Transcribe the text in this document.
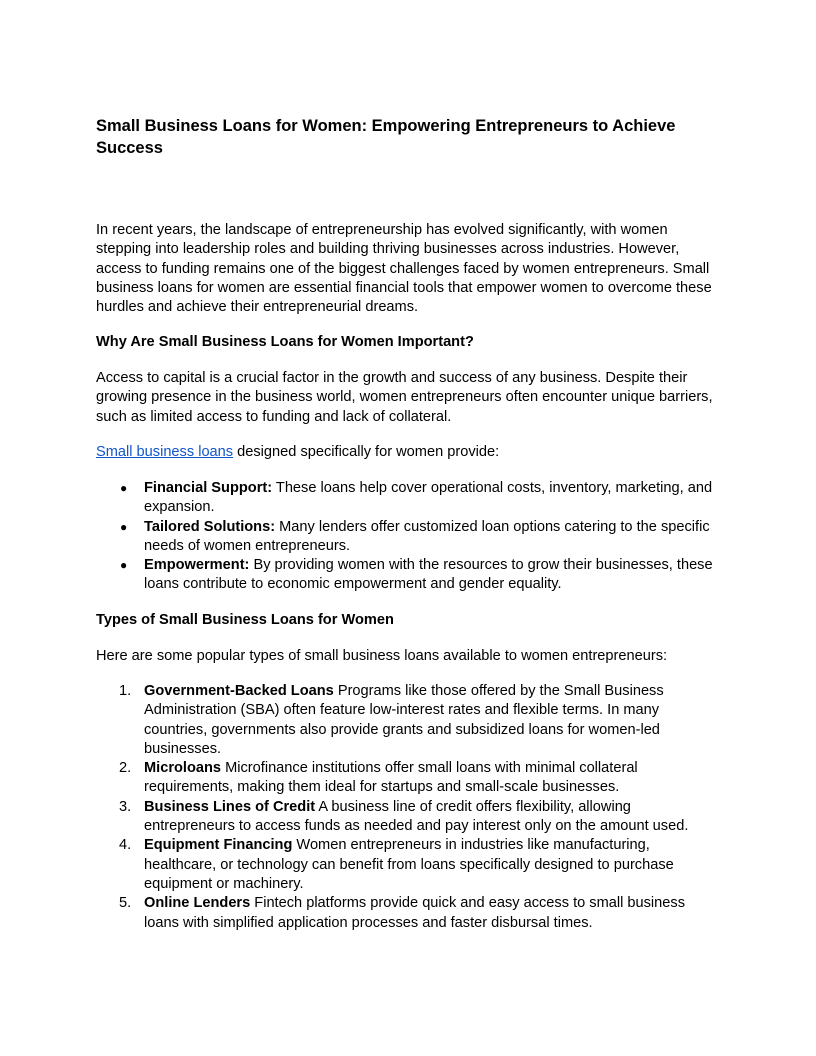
Small Business Loans for Women: Empowering Entrepreneurs to Achieve Success

In recent years, the landscape of entrepreneurship has evolved significantly, with women stepping into leadership roles and building thriving businesses across industries. However, access to funding remains one of the biggest challenges faced by women entrepreneurs. Small business loans for women are essential financial tools that empower women to overcome these hurdles and achieve their entrepreneurial dreams.

Why Are Small Business Loans for Women Important?

Access to capital is a crucial factor in the growth and success of any business. Despite their growing presence in the business world, women entrepreneurs often encounter unique barriers, such as limited access to funding and lack of collateral.

Small business loans designed specifically for women provide:

●	Financial Support: These loans help cover operational costs, inventory, marketing, and expansion.
●	Tailored Solutions: Many lenders offer customized loan options catering to the specific needs of women entrepreneurs.
●	Empowerment: By providing women with the resources to grow their businesses, these loans contribute to economic empowerment and gender equality.
Types of Small Business Loans for Women

Here are some popular types of small business loans available to women entrepreneurs:

1. Government-Backed Loans Programs like those offered by the Small Business Administration (SBA) often feature low-interest rates and flexible terms. In many countries, governments also provide grants and subsidized loans for women-led businesses.
2. Microloans Microfinance institutions offer small loans with minimal collateral requirements, making them ideal for startups and small-scale businesses.
3. Business Lines of Credit A business line of credit offers flexibility, allowing entrepreneurs to access funds as needed and pay interest only on the amount used.
4. Equipment Financing Women entrepreneurs in industries like manufacturing, healthcare, or technology can benefit from loans specifically designed to purchase equipment or machinery.
5. Online Lenders Fintech platforms provide quick and easy access to small business loans with simplified application processes and faster disbursal times.
